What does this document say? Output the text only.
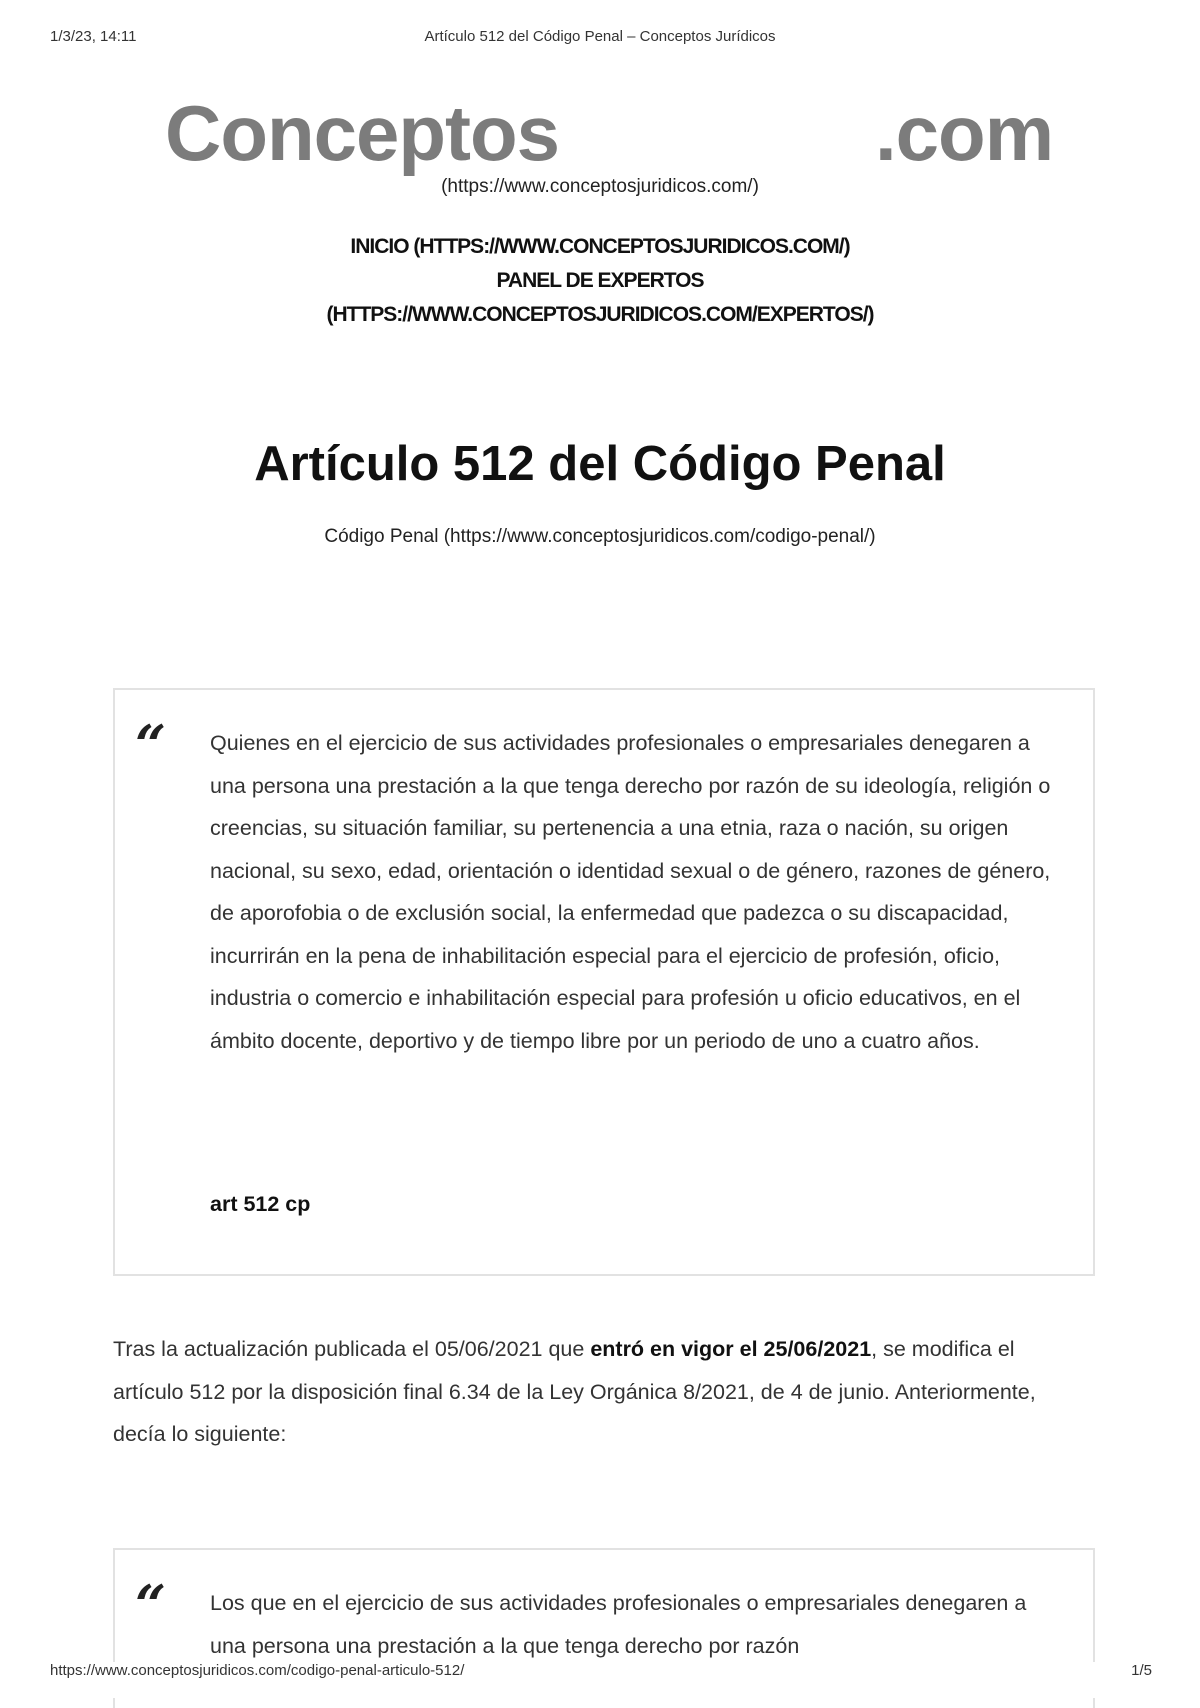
1/3/23, 14:11	Artículo 512 del Código Penal – Conceptos Jurídicos
Conceptos	.com
(https://www.conceptosjuridicos.com/)
INICIO (HTTPS://WWW.CONCEPTOSJURIDICOS.COM/)
PANEL DE EXPERTOS
(HTTPS://WWW.CONCEPTOSJURIDICOS.COM/EXPERTOS/)
Artículo 512 del Código Penal
Código Penal (https://www.conceptosjuridicos.com/codigo-penal/)
“ Quienes en el ejercicio de sus actividades profesionales o empresariales denegaren a una persona una prestación a la que tenga derecho por razón de su ideología, religión o creencias, su situación familiar, su pertenencia a una etnia, raza o nación, su origen nacional, su sexo, edad, orientación o identidad sexual o de género, razones de género, de aporofobia o de exclusión social, la enfermedad que padezca o su discapacidad, incurrirán en la pena de inhabilitación especial para el ejercicio de profesión, oficio, industria o comercio e inhabilitación especial para profesión u oficio educativos, en el ámbito docente, deportivo y de tiempo libre por un periodo de uno a cuatro años.

art 512 cp

Tras la actualización publicada el 05/06/2021 que entró en vigor el 25/06/2021, se modifica el artículo 512 por la disposición final 6.34 de la Ley Orgánica 8/2021, de 4 de junio. Anteriormente, decía lo siguiente:

“ Los que en el ejercicio de sus actividades profesionales o empresariales denegaren a una persona una prestación a la que tenga derecho por razón

https://www.conceptosjuridicos.com/codigo-penal-articulo-512/	1/5
